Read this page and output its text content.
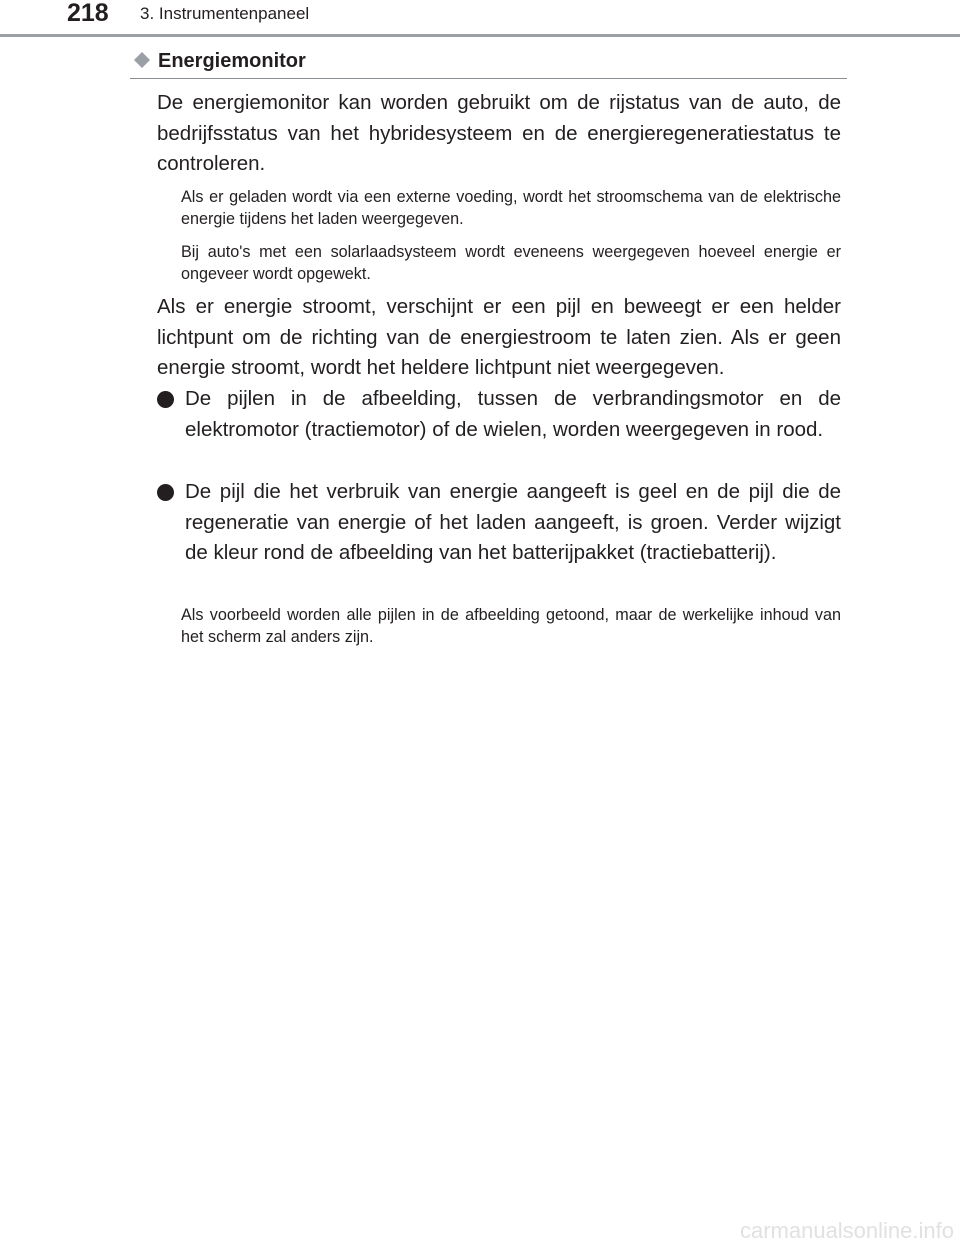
218 3. Instrumentenpaneel
Energiemonitor

De energiemonitor kan worden gebruikt om de rijstatus van de auto, de bedrijfsstatus van het hybridesysteem en de energieregeneratiestatus te controleren.

Als er geladen wordt via een externe voeding, wordt het stroomschema van de elektrische energie tijdens het laden weergegeven.

Bij auto's met een solarlaadsysteem wordt eveneens weergegeven hoeveel energie er ongeveer wordt opgewekt.

Als er energie stroomt, verschijnt er een pijl en beweegt er een helder lichtpunt om de richting van de energiestroom te laten zien. Als er geen energie stroomt, wordt het heldere lichtpunt niet weergegeven.

De pijlen in de afbeelding, tussen de verbrandingsmotor en de elektromotor (tractiemotor) of de wielen, worden weergegeven in rood.

De pijl die het verbruik van energie aangeeft is geel en de pijl die de regeneratie van energie of het laden aangeeft, is groen. Verder wijzigt de kleur rond de afbeelding van het batterijpakket (tractiebatterij).

Als voorbeeld worden alle pijlen in de afbeelding getoond, maar de werkelijke inhoud van het scherm zal anders zijn.

carmanualsonline.info
